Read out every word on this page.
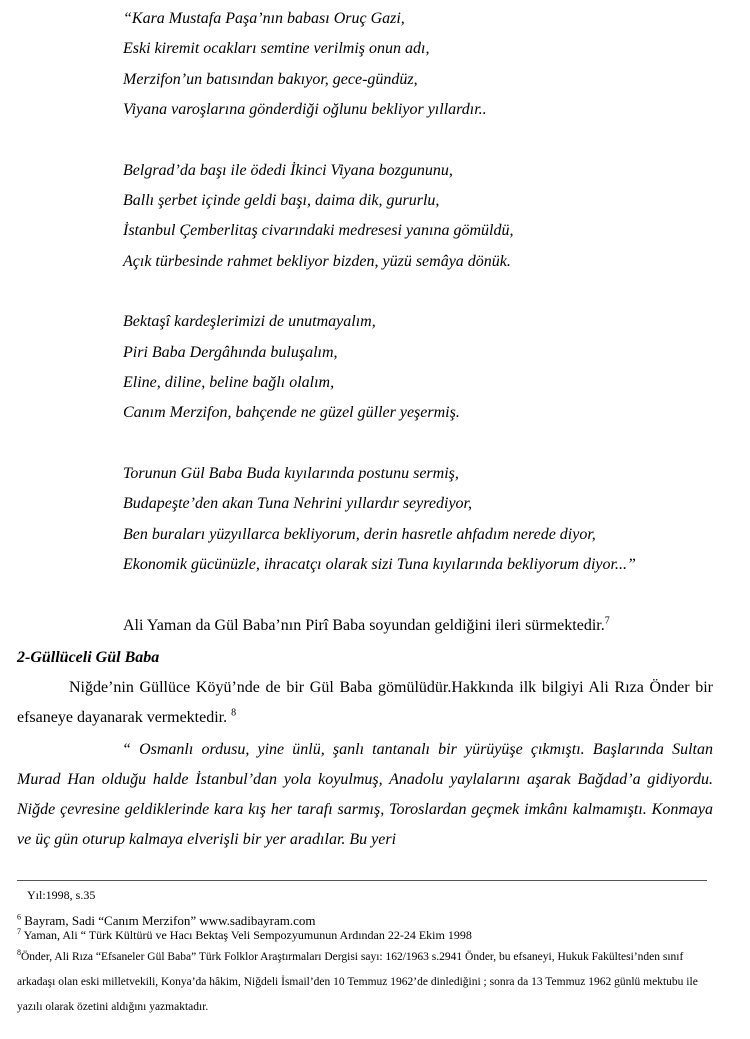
“Kara Mustafa Paşa’nın babası Oruç Gazi,
Eski kiremit ocakları semtine verilmiş onun adı,
Merzifon’un batısından bakıyor, gece-gündüz,
Viyana varoşlarına gönderdiği oğlunu bekliyor yıllardır..
Belgrad’da başı ile ödedi İkinci Viyana bozgununu,
Ballı şerbet içinde geldi başı, daima dik, gururlu,
İstanbul Çemberlitaş civarındaki medresesi yanına gömüldü,
Açık türbesinde rahmet bekliyor bizden, yüzü semâya dönük.
Bektaşî kardeşlerimizi de unutmayalım,
Piri Baba Dergâhında buluşalım,
Eline, diline, beline bağlı olalım,
Canım Merzifon, bahçende ne güzel güller yeşermiş.
Torunun Gül Baba Buda kıyılarında postunu sermiş,
Budapeşte’den akan Tuna Nehrini yıllardır seyrediyor,
Ben buraları yüzyıllarca bekliyorum, derin hasretle ahfadım nerede diyor,
Ekonomik gücünüzle, ihracatçı olarak sizi Tuna kıyılarında bekliyorum diyor...”
Ali Yaman da Gül Baba’nın Pirî Baba soyundan geldiğini ileri sürmektedir.$^7$
2-Güllüceli Gül Baba
Niğde’nin Güllüce Köyü’nde de bir Gül Baba gömülüdür.Hakkında ilk bilgiyi Ali Rıza Önder bir efsaneye dayanarak vermektedir. $^8$
“ Osmanlı ordusu, yine ünlü, şanlı tantanalı bir yürüyüşe çıkmıştı. Başlarında Sultan Murad Han olduğu halde İstanbul’dan yola koyulmuş, Anadolu yaylalarını aşarak Bağdad’a gidiyordu. Niğde çevresine geldiklerinde kara kış her tarafı sarmış, Toroslardan geçmek imkânı kalmamıştı. Konmaya ve üç gün oturup kalmaya elverişli bir yer aradılar. Bu yeri
Yıl:1998, s.35
$^6$ Bayram, Sadi “Canım Merzifon” www.sadibayram.com
$^7$ Yaman, Ali “ Türk Kültürü ve Hacı Bektaş Veli Sempozyumunun Ardından 22-24 Ekim 1998
$^8$Önder, Ali Rıza “Efsaneler Gül Baba” Türk Folklor Araştırmaları Dergisi sayı: 162/1963 s.2941 Önder, bu efsaneyi, Hukuk Fakültesi’nden sınıf arkadaşı olan eski milletvekili, Konya’da hâkim, Niğdeli İsmail’den 10 Temmuz 1962’de dinlediğini ; sonra da 13 Temmuz 1962 günlü mektubu ile yazılı olarak özetini aldığını yazmaktadır.
